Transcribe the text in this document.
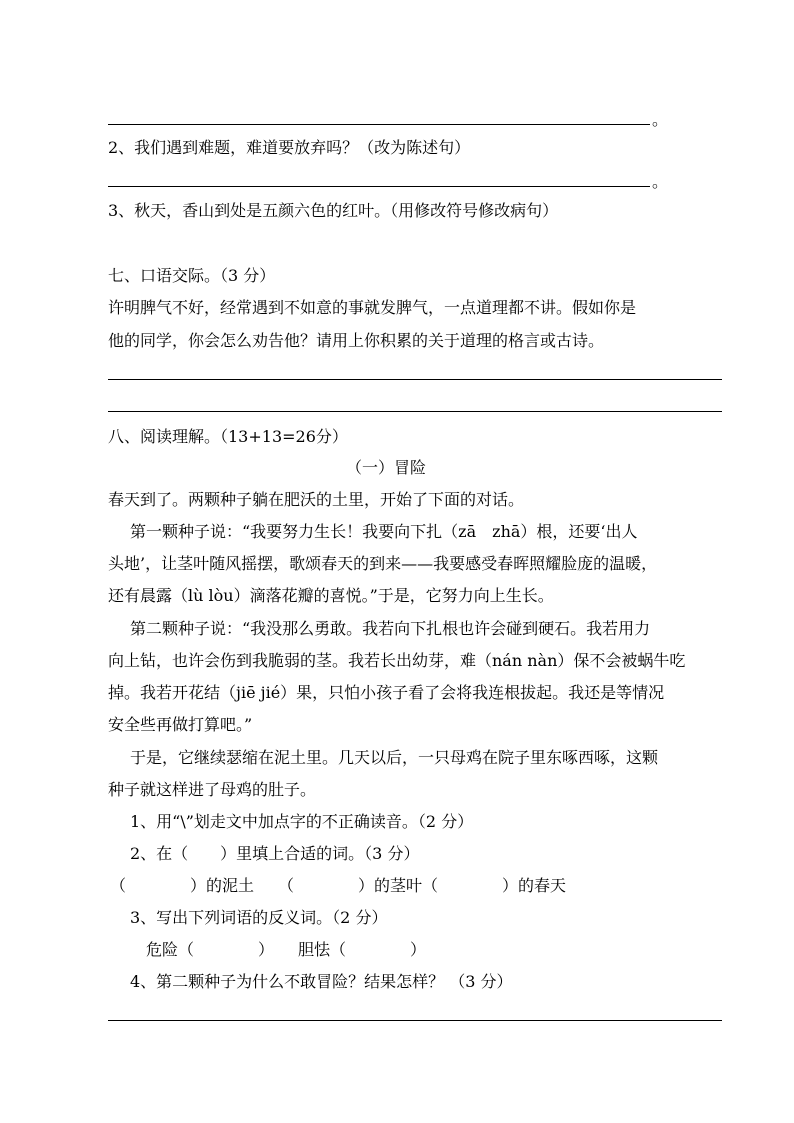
。
2、我们遇到难题，难道要放弃吗？（改为陈述句）
。
3、秋天，香山到处是五颜六色的红叶。（用修改符号修改病句）
七、口语交际。（3 分）
许明脾气不好，经常遇到不如意的事就发脾气，一点道理都不讲。假如你是
他的同学，你会怎么劝告他？请用上你积累的关于道理的格言或古诗。
八、阅读理解。（13+13=26分）
（一）冒险
春天到了。两颗种子躺在肥沃的土里，开始了下面的对话。
第一颗种子说：“我要努力生长！我要向下扎（zā　zhā）根，还要‘出人
头地’，让茎叶随风摇摆，歌颂春天的到来——我要感受春晖照耀脸庞的温暖，
还有晨露（lù lòu）滴落花瓣的喜悦。”于是，它努力向上生长。
第二颗种子说：“我没那么勇敢。我若向下扎根也许会碰到硬石。我若用力
向上钻，也许会伤到我脆弱的茎。我若长出幼芽，难（nán nàn）保不会被蜗牛吃
掉。我若开花结（jiē jié）果，只怕小孩子看了会将我连根拔起。我还是等情况
安全些再做打算吧。”
于是，它继续瑟缩在泥土里。几天以后，一只母鸡在院子里东啄西啄，这颗
种子就这样进了母鸡的肚子。
1、用“\”划走文中加点字的不正确读音。（2 分）
2、在（　　）里填上合适的词。（3 分）
（　　　　）的泥土　　（　　　　）的茎叶（　　　　）的春天
3、写出下列词语的反义词。（2 分）
危险（　　　　）　　胆怯（　　　　）
4、第二颗种子为什么不敢冒险？结果怎样？ （3 分）
